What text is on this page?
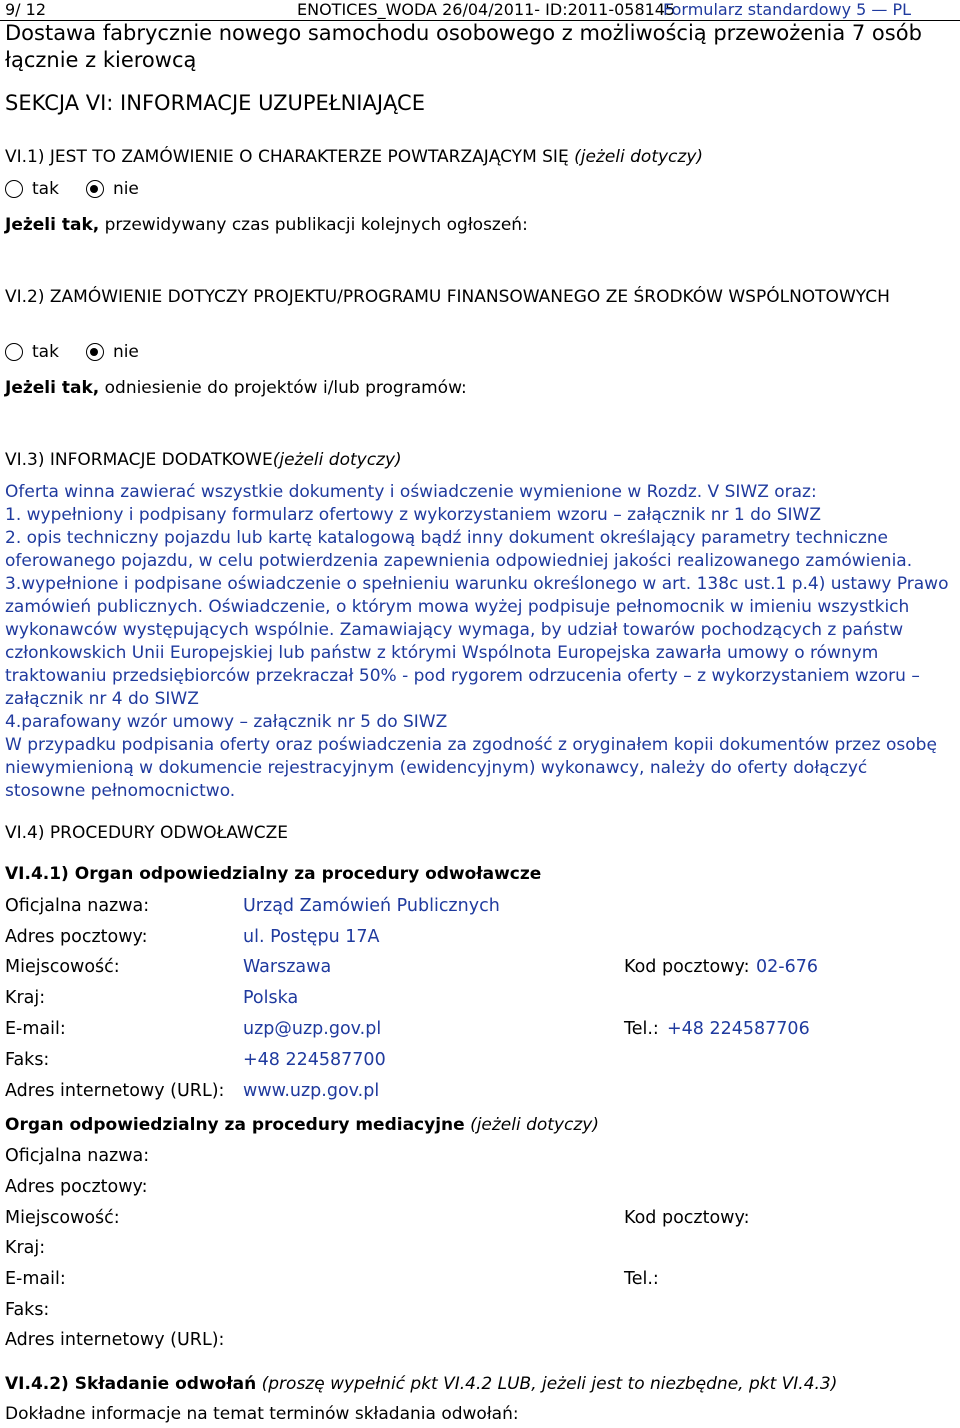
9/ 12	ENOTICES_WODA 26/04/2011- ID:2011-058145
Formularz standardowy 5 — PL
Dostawa fabrycznie nowego samochodu osobowego z możliwością przewożenia 7 osób łącznie z kierowcą
SEKCJA VI: INFORMACJE UZUPEŁNIAJĄCE
VI.1) JEST TO ZAMÓWIENIE O CHARAKTERZE POWTARZAJĄCYM SIĘ (jeżeli dotyczy)
tak	nie
Jeżeli tak, przewidywany czas publikacji kolejnych ogłoszeń:
VI.2) ZAMÓWIENIE DOTYCZY PROJEKTU/PROGRAMU FINANSOWANEGO ZE ŚRODKÓW WSPÓLNOTOWYCH
tak	nie
Jeżeli tak, odniesienie do projektów i/lub programów:
VI.3) INFORMACJE DODATKOWE(jeżeli dotyczy)

Oferta winna zawierać wszystkie dokumenty i oświadczenie wymienione w Rozdz. V SIWZ oraz:

1. wypełniony i podpisany formularz ofertowy z wykorzystaniem wzoru – załącznik nr 1 do SIWZ

2. opis techniczny pojazdu lub kartę katalogową bądź inny dokument określający parametry techniczne oferowanego pojazdu, w celu potwierdzenia zapewnienia odpowiedniej jakości realizowanego zamówienia.

3.wypełnione i podpisane oświadczenie o spełnieniu warunku określonego w art. 138c ust.1 p.4) ustawy Prawo zamówień publicznych. Oświadczenie, o którym mowa wyżej podpisuje pełnomocnik w imieniu wszystkich wykonawców występujących wspólnie. Zamawiający wymaga, by udział towarów pochodzących z państw członkowskich Unii Europejskiej lub państw z którymi Wspólnota Europejska zawarła umowy o równym traktowaniu przedsiębiorców przekraczał 50% - pod rygorem odrzucenia oferty – z wykorzystaniem wzoru – załącznik nr 4 do SIWZ

4.parafowany wzór umowy – załącznik nr 5 do SIWZ

W przypadku podpisania oferty oraz poświadczenia za zgodność z oryginałem kopii dokumentów przez osobę niewymienioną w dokumencie rejestracyjnym (ewidencyjnym) wykonawcy, należy do oferty dołączyć stosowne pełnomocnictwo.

VI.4) PROCEDURY ODWOŁAWCZE
VI.4.1) Organ odpowiedzialny za procedury odwoławcze
Oficjalna nazwa:	Urząd Zamówień Publicznych
Adres pocztowy:	ul. Postępu 17A
Miejscowość:	Warszawa	Kod pocztowy: 02-676
Kraj:	Polska
E-mail:	uzp@uzp.gov.pl	Tel.: +48 224587706
Faks:	+48 224587700
Adres internetowy (URL): www.uzp.gov.pl
Organ odpowiedzialny za procedury mediacyjne (jeżeli dotyczy)
Oficjalna nazwa:
Adres pocztowy:
Miejscowość:	Kod pocztowy:
Kraj:
E-mail:	Tel.:
Faks:
Adres internetowy (URL):
VI.4.2) Składanie odwołań (proszę wypełnić pkt VI.4.2 LUB, jeżeli jest to niezbędne, pkt VI.4.3)
Dokładne informacje na temat terminów składania odwołań:
